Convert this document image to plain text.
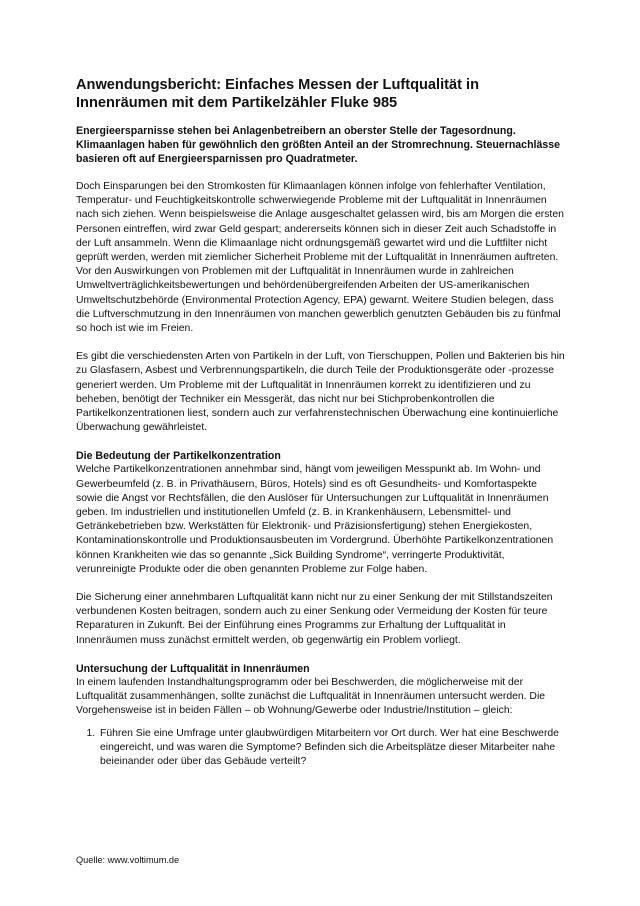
Anwendungsbericht: Einfaches Messen der Luftqualität in Innenräumen mit dem Partikelzähler Fluke 985

Energieersparnisse stehen bei Anlagenbetreibern an oberster Stelle der Tagesordnung. Klimaanlagen haben für gewöhnlich den größten Anteil an der Stromrechnung. Steuernachlässe basieren oft auf Energieersparnissen pro Quadratmeter.

Doch Einsparungen bei den Stromkosten für Klimaanlagen können infolge von fehlerhafter Ventilation, Temperatur- und Feuchtigkeitskontrolle schwerwiegende Probleme mit der Luftqualität in Innenräumen nach sich ziehen. Wenn beispielsweise die Anlage ausgeschaltet gelassen wird, bis am Morgen die ersten Personen eintreffen, wird zwar Geld gespart; andererseits können sich in dieser Zeit auch Schadstoffe in der Luft ansammeln. Wenn die Klimaanlage nicht ordnungsgemäß gewartet wird und die Luftfilter nicht geprüft werden, werden mit ziemlicher Sicherheit Probleme mit der Luftqualität in Innenräumen auftreten. Vor den Auswirkungen von Problemen mit der Luftqualität in Innenräumen wurde in zahlreichen Umweltverträglichkeitsbewertungen und behördenübergreifenden Arbeiten der US-amerikanischen Umweltschutzbehörde (Environmental Protection Agency, EPA) gewarnt. Weitere Studien belegen, dass die Luftverschmutzung in den Innenräumen von manchen gewerblich genutzten Gebäuden bis zu fünfmal so hoch ist wie im Freien.

Es gibt die verschiedensten Arten von Partikeln in der Luft, von Tierschuppen, Pollen und Bakterien bis hin zu Glasfasern, Asbest und Verbrennungspartikeln, die durch Teile der Produktionsgeräte oder -prozesse generiert werden. Um Probleme mit der Luftqualität in Innenräumen korrekt zu identifizieren und zu beheben, benötigt der Techniker ein Messgerät, das nicht nur bei Stichprobenkontrollen die Partikelkonzentrationen liest, sondern auch zur verfahrenstechnischen Überwachung eine kontinuierliche Überwachung gewährleistet.

Die Bedeutung der Partikelkonzentration

Welche Partikelkonzentrationen annehmbar sind, hängt vom jeweiligen Messpunkt ab. Im Wohn- und Gewerbeumfeld (z. B. in Privathäusern, Büros, Hotels) sind es oft Gesundheits- und Komfortaspekte sowie die Angst vor Rechtsfällen, die den Auslöser für Untersuchungen zur Luftqualität in Innenräumen geben. Im industriellen und institutionellen Umfeld (z. B. in Krankenhäusern, Lebensmittel- und Getränkebetrieben bzw. Werkstätten für Elektronik- und Präzisionsfertigung) stehen Energiekosten, Kontaminationskontrolle und Produktionsausbeuten im Vordergrund. Überhöhte Partikelkonzentrationen können Krankheiten wie das so genannte „Sick Building Syndrome“, verringerte Produktivität, verunreinigte Produkte oder die oben genannten Probleme zur Folge haben.

Die Sicherung einer annehmbaren Luftqualität kann nicht nur zu einer Senkung der mit Stillstandszeiten verbundenen Kosten beitragen, sondern auch zu einer Senkung oder Vermeidung der Kosten für teure Reparaturen in Zukunft. Bei der Einführung eines Programms zur Erhaltung der Luftqualität in Innenräumen muss zunächst ermittelt werden, ob gegenwärtig ein Problem vorliegt.

Untersuchung der Luftqualität in Innenräumen

In einem laufenden Instandhaltungsprogramm oder bei Beschwerden, die möglicherweise mit der Luftqualität zusammenhängen, sollte zunächst die Luftqualität in Innenräumen untersucht werden. Die Vorgehensweise ist in beiden Fällen – ob Wohnung/Gewerbe oder Industrie/Institution – gleich:

1. Führen Sie eine Umfrage unter glaubwürdigen Mitarbeitern vor Ort durch. Wer hat eine Beschwerde eingereicht, und was waren die Symptome? Befinden sich die Arbeitsplätze dieser Mitarbeiter nahe beieinander oder über das Gebäude verteilt?
Quelle: www.voltimum.de
